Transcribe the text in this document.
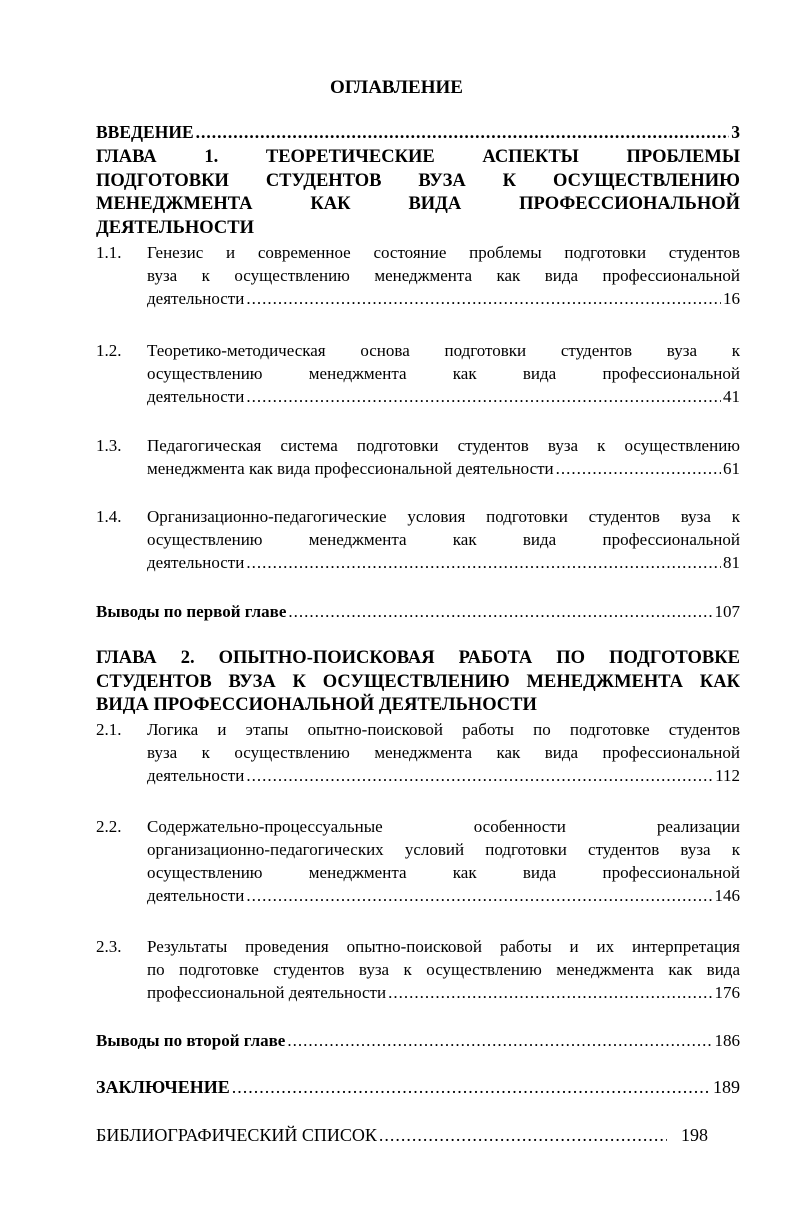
ОГЛАВЛЕНИЕ
ВВЕДЕНИЕ .....	3
ГЛАВА 1. ТЕОРЕТИЧЕСКИЕ АСПЕКТЫ ПРОБЛЕМЫ
ПОДГОТОВКИ СТУДЕНТОВ ВУЗА К ОСУЩЕСТВЛЕНИЮ
МЕНЕДЖМЕНТА КАК ВИДА ПРОФЕССИОНАЛЬНОЙ
ДЕЯТЕЛЬНОСТИ
1.1. Генезис и современное состояние проблемы подготовки студентов
вуза к осуществлению менеджмента как вида профессиональной
деятельности .....	16
1.2. Теоретико-методическая основа подготовки студентов вуза к
осуществлению менеджмента как вида профессиональной
деятельности .....	41
1.3. Педагогическая система подготовки студентов вуза к осуществлению
менеджмента как вида профессиональной деятельности .....	61
1.4. Организационно-педагогические условия подготовки студентов вуза к
осуществлению менеджмента как вида профессиональной
деятельности .....	81
Выводы по первой главе .....	107
ГЛАВА 2. ОПЫТНО-ПОИСКОВАЯ РАБОТА ПО ПОДГОТОВКЕ
СТУДЕНТОВ ВУЗА К ОСУЩЕСТВЛЕНИЮ МЕНЕДЖМЕНТА КАК
ВИДА ПРОФЕССИОНАЛЬНОЙ ДЕЯТЕЛЬНОСТИ
2.1. Логика и этапы опытно-поисковой работы по подготовке студентов
вуза к осуществлению менеджмента как вида профессиональной
деятельности .....	112
2.2. Содержательно-процессуальные особенности реализации
организационно-педагогических условий подготовки студентов вуза к
осуществлению менеджмента как вида профессиональной
деятельности .....	146
2.3. Результаты проведения опытно-поисковой работы и их интерпретация
по подготовке студентов вуза к осуществлению менеджмента как вида
профессиональной деятельности .....	176
Выводы по второй главе .....	186
ЗАКЛЮЧЕНИЕ .....	189
БИБЛИОГРАФИЧЕСКИЙ СПИСОК .....	198
